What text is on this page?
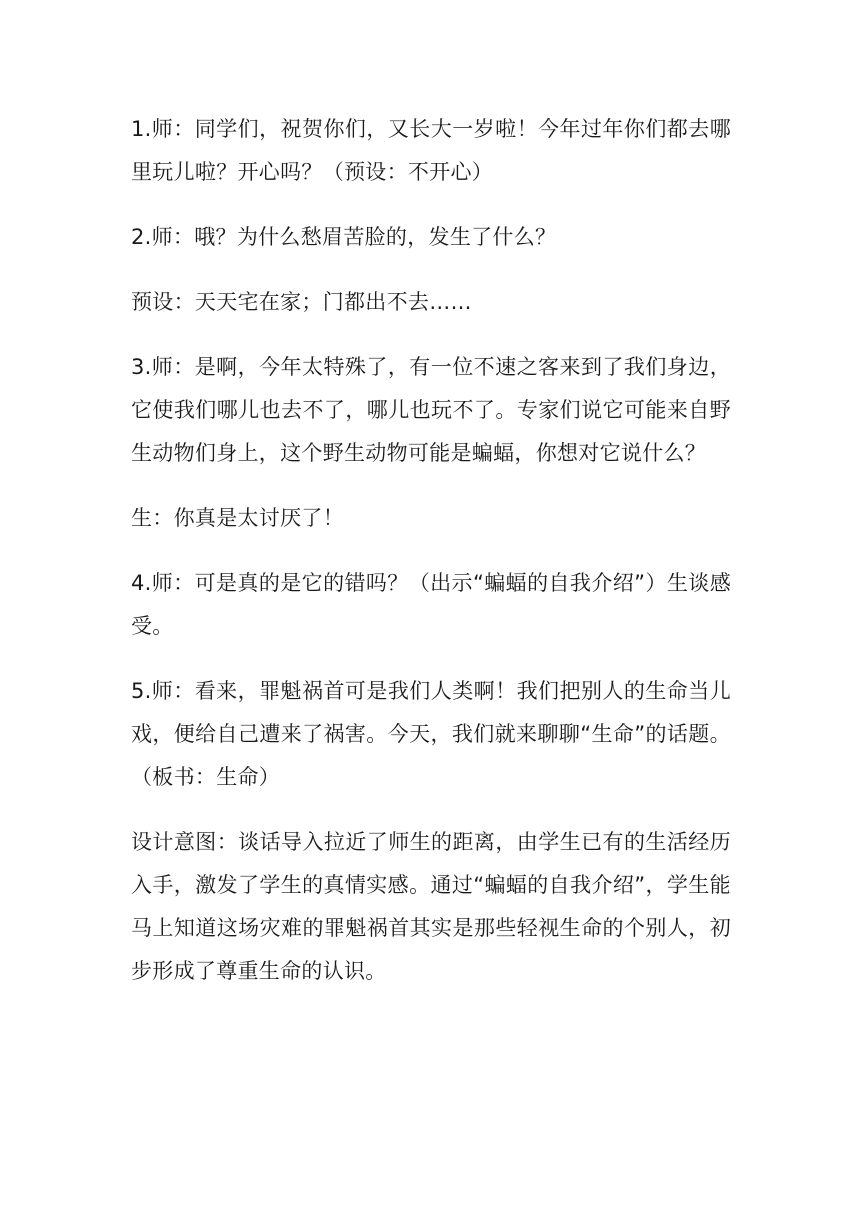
1.师：同学们，祝贺你们，又长大一岁啦！今年过年你们都去哪里玩儿啦？开心吗？（预设：不开心）

2.师：哦？为什么愁眉苦脸的，发生了什么？

预设：天天宅在家；门都出不去……

3.师：是啊，今年太特殊了，有一位不速之客来到了我们身边，它使我们哪儿也去不了，哪儿也玩不了。专家们说它可能来自野生动物们身上，这个野生动物可能是蝙蝠，你想对它说什么？

生：你真是太讨厌了！

4.师：可是真的是它的错吗？（出示“蝙蝠的自我介绍”）生谈感受。

5.师：看来，罪魁祸首可是我们人类啊！我们把别人的生命当儿戏，便给自己遭来了祸害。今天，我们就来聊聊“生命”的话题。（板书：生命）

设计意图：谈话导入拉近了师生的距离，由学生已有的生活经历入手，激发了学生的真情实感。通过“蝙蝠的自我介绍”，学生能马上知道这场灾难的罪魁祸首其实是那些轻视生命的个别人，初步形成了尊重生命的认识。
